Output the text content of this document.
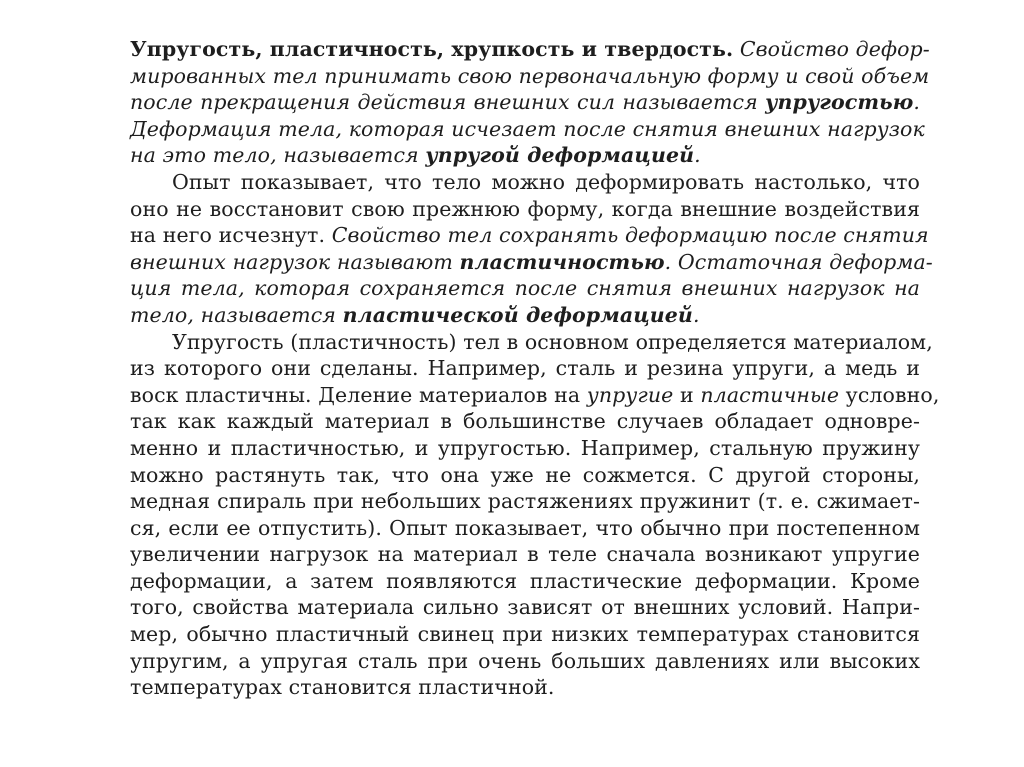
Упругость, пластичность, хрупкость и твердость. Свойство дефор-
мированных тел принимать свою первоначальную форму и свой объем
после прекращения действия внешних сил называется упругостью.
Деформация тела, которая исчезает после снятия внешних нагрузок
на это тело, называется упругой деформацией.
Опыт показывает, что тело можно деформировать настолько, что
оно не восстановит свою прежнюю форму, когда внешние воздействия
на него исчезнут. Свойство тел сохранять деформацию после снятия
внешних нагрузок называют пластичностью. Остаточная деформа-
ция тела, которая сохраняется после снятия внешних нагрузок на
тело, называется пластической деформацией.
Упругость (пластичность) тел в основном определяется материалом,
из которого они сделаны. Например, сталь и резина упруги, а медь и
воск пластичны. Деление материалов на упругие и пластичные условно,
так как каждый материал в большинстве случаев обладает одновре-
менно и пластичностью, и упругостью. Например, стальную пружину
можно растянуть так, что она уже не сожмется. С другой стороны,
медная спираль при небольших растяжениях пружинит (т. е. сжимает-
ся, если ее отпустить). Опыт показывает, что обычно при постепенном
увеличении нагрузок на материал в теле сначала возникают упругие
деформации, а затем появляются пластические деформации. Кроме
того, свойства материала сильно зависят от внешних условий. Напри-
мер, обычно пластичный свинец при низких температурах становится
упругим, а упругая сталь при очень больших давлениях или высоких
температурах становится пластичной.
